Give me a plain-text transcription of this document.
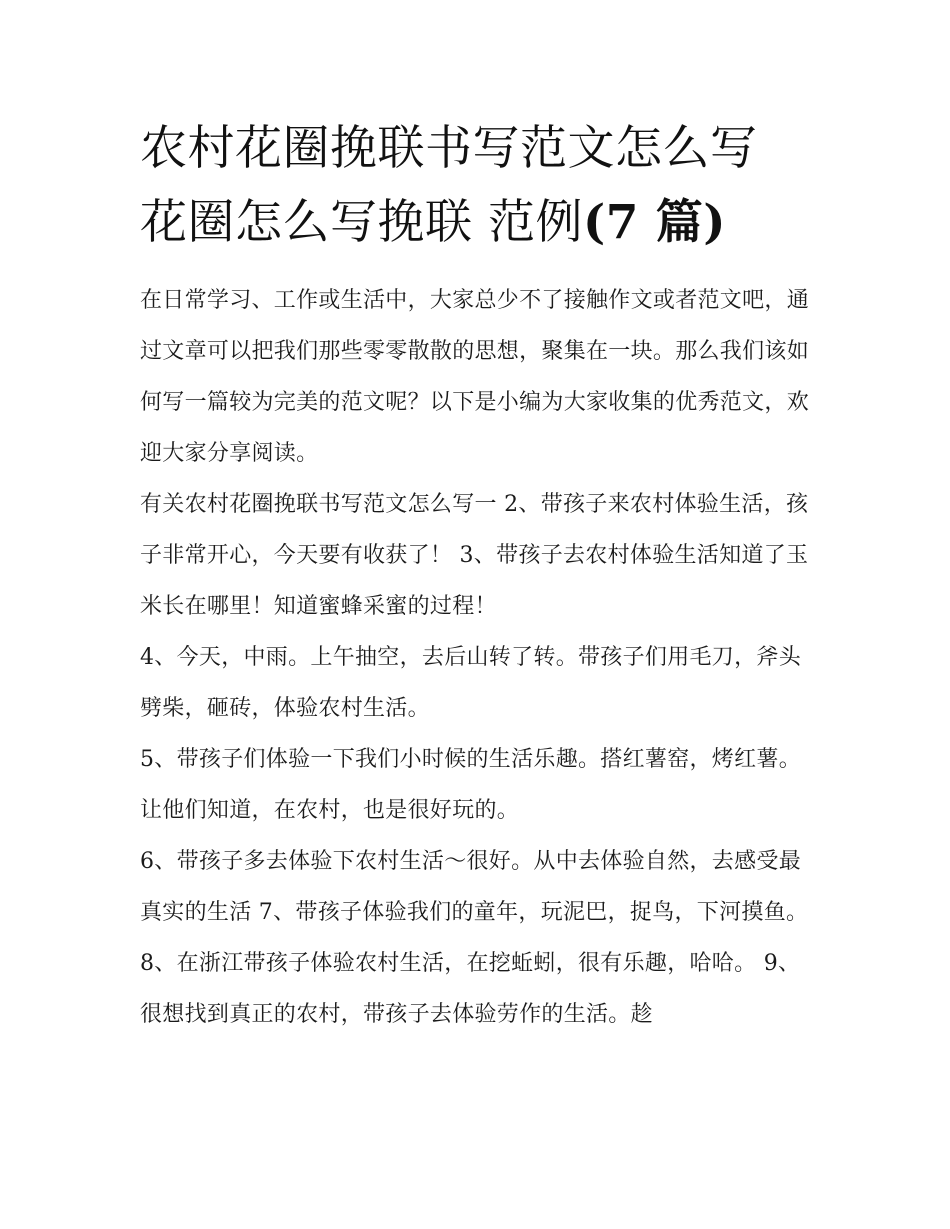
农村花圈挽联书写范文怎么写
花圈怎么写挽联 范例(7 篇)

在日常学习、工作或生活中，大家总少不了接触作文或者范文吧，通过文章可以把我们那些零零散散的思想，聚集在一块。那么我们该如何写一篇较为完美的范文呢？以下是小编为大家收集的优秀范文，欢迎大家分享阅读。

有关农村花圈挽联书写范文怎么写一 2、带孩子来农村体验生活，孩子非常开心，今天要有收获了！ 3、带孩子去农村体验生活知道了玉米长在哪里！知道蜜蜂采蜜的过程！

4、今天，中雨。上午抽空，去后山转了转。带孩子们用毛刀，斧头劈柴，砸砖，体验农村生活。

5、带孩子们体验一下我们小时候的生活乐趣。搭红薯窑，烤红薯。让他们知道，在农村，也是很好玩的。

6、带孩子多去体验下农村生活～很好。从中去体验自然，去感受最真实的生活 7、带孩子体验我们的童年，玩泥巴，捉鸟，下河摸鱼。

8、在浙江带孩子体验农村生活，在挖蚯蚓，很有乐趣，哈哈。 9、很想找到真正的农村，带孩子去体验劳作的生活。趁
